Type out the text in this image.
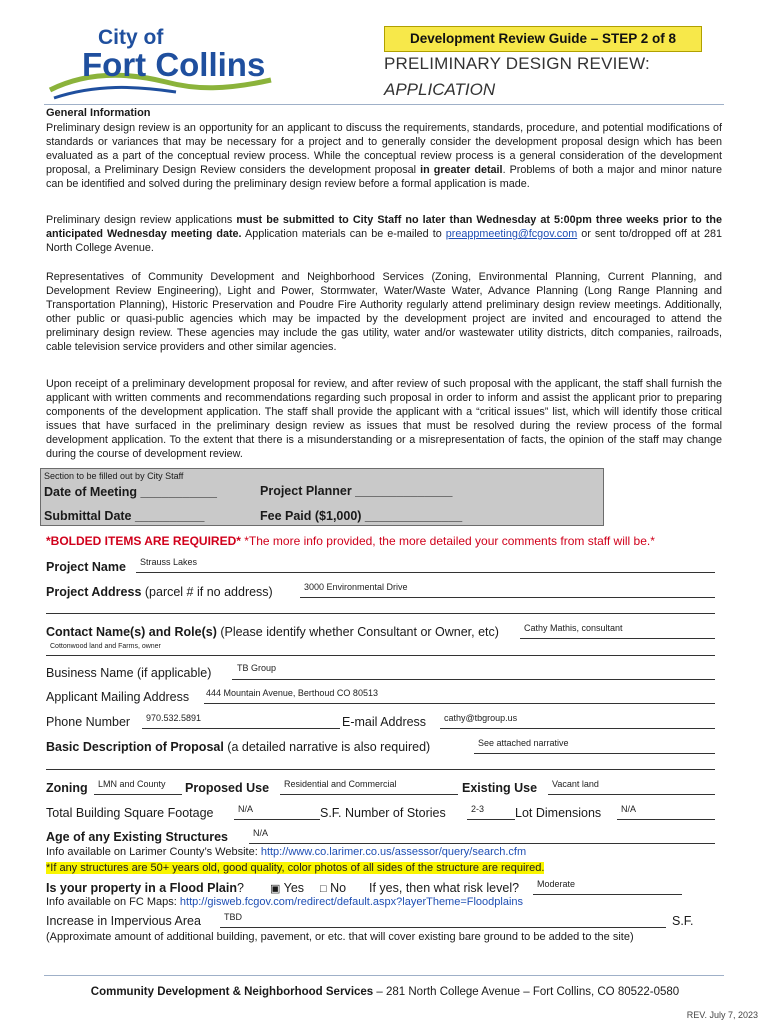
City of
Fort Collins
Development Review Guide – STEP 2 of 8
PRELIMINARY DESIGN REVIEW:
APPLICATION
General Information
Preliminary design review is an opportunity for an applicant to discuss the requirements, standards, procedure, and potential modifications of standards or variances that may be necessary for a project and to generally consider the development proposal design which has been evaluated as a part of the conceptual review process. While the conceptual review process is a general consideration of the development proposal, a Preliminary Design Review considers the development proposal in greater detail. Problems of both a major and minor nature can be identified and solved during the preliminary design review before a formal application is made.
Preliminary design review applications must be submitted to City Staff no later than Wednesday at 5:00pm three weeks prior to the anticipated Wednesday meeting date. Application materials can be e-mailed to preappmeeting@fcgov.com or sent to/dropped off at 281 North College Avenue.
Representatives of Community Development and Neighborhood Services (Zoning, Environmental Planning, Current Planning, and Development Review Engineering), Light and Power, Stormwater, Water/Waste Water, Advance Planning (Long Range Planning and Transportation Planning), Historic Preservation and Poudre Fire Authority regularly attend preliminary design review meetings. Additionally, other public or quasi-public agencies which may be impacted by the development project are invited and encouraged to attend the preliminary design review. These agencies may include the gas utility, water and/or wastewater utility districts, ditch companies, railroads, cable television service providers and other similar agencies.
Upon receipt of a preliminary development proposal for review, and after review of such proposal with the applicant, the staff shall furnish the applicant with written comments and recommendations regarding such proposal in order to inform and assist the applicant prior to preparing components of the development application. The staff shall provide the applicant with a “critical issues” list, which will identify those critical issues that have surfaced in the preliminary design review as issues that must be resolved during the review process of the formal development application. To the extent that there is a misunderstanding or a misrepresentation of facts, the opinion of the staff may change during the course of development review.
Section to be filled out by City Staff
Date of Meeting ___________	Project Planner ______________
Submittal Date __________	Fee Paid ($1,000) ______________
*BOLDED ITEMS ARE REQUIRED* *The more info provided, the more detailed your comments from staff will be.*
Project Name Strauss Lakes
Project Address (parcel # if no address)	3000 Environmental Drive
Contact Name(s) and Role(s) (Please identify whether Consultant or Owner, etc)	Cathy Mathis, consultant
Cottonwood land and Farms, owner
Business Name (if applicable)	TB Group
Applicant Mailing Address 444 Mountain Avenue, Berthoud CO 80513
Phone Number 970.532.5891	E-mail Address cathy@tbgroup.us
Basic Description of Proposal (a detailed narrative is also required)	See attached narrative
Zoning LMN and County Proposed Use Residential and Commercial	Existing Use Vacant land
Total Building Square Footage	N/A	S.F. Number of Stories	2-3 Lot Dimensions N/A
Age of any Existing Structures	N/A
Info available on Larimer County’s Website: http://www.co.larimer.co.us/assessor/query/search.cfm
*If any structures are 50+ years old, good quality, color photos of all sides of the structure are required.
Is your property in a Flood Plain? ▣ Yes □ No If yes, then what risk level? Moderate
Info available on FC Maps: http://gisweb.fcgov.com/redirect/default.aspx?layerTheme=Floodplains
Increase in Impervious Area	TBD	S.F.
(Approximate amount of additional building, pavement, or etc. that will cover existing bare ground to be added to the site)
Community Development & Neighborhood Services – 281 North College Avenue – Fort Collins, CO 80522-0580
REV. July 7, 2023
